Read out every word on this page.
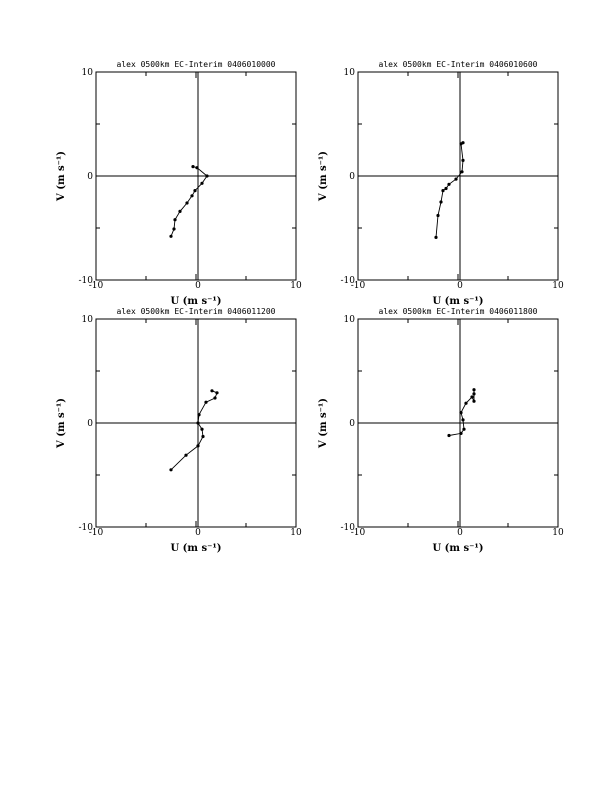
alex 0500km EC-Interim 0406010000
-10	0	10
-10
0
10
U (m s⁻¹)
V (m s⁻¹)
alex 0500km EC-Interim 0406010600
-10	0	10
-10
0
10
U (m s⁻¹)
V (m s⁻¹)
alex 0500km EC-Interim 0406011200
-10	0	10
-10
0
10
U (m s⁻¹)
V (m s⁻¹)
alex 0500km EC-Interim 0406011800
-10	0	10
-10
0
10
U (m s⁻¹)
V (m s⁻¹)
